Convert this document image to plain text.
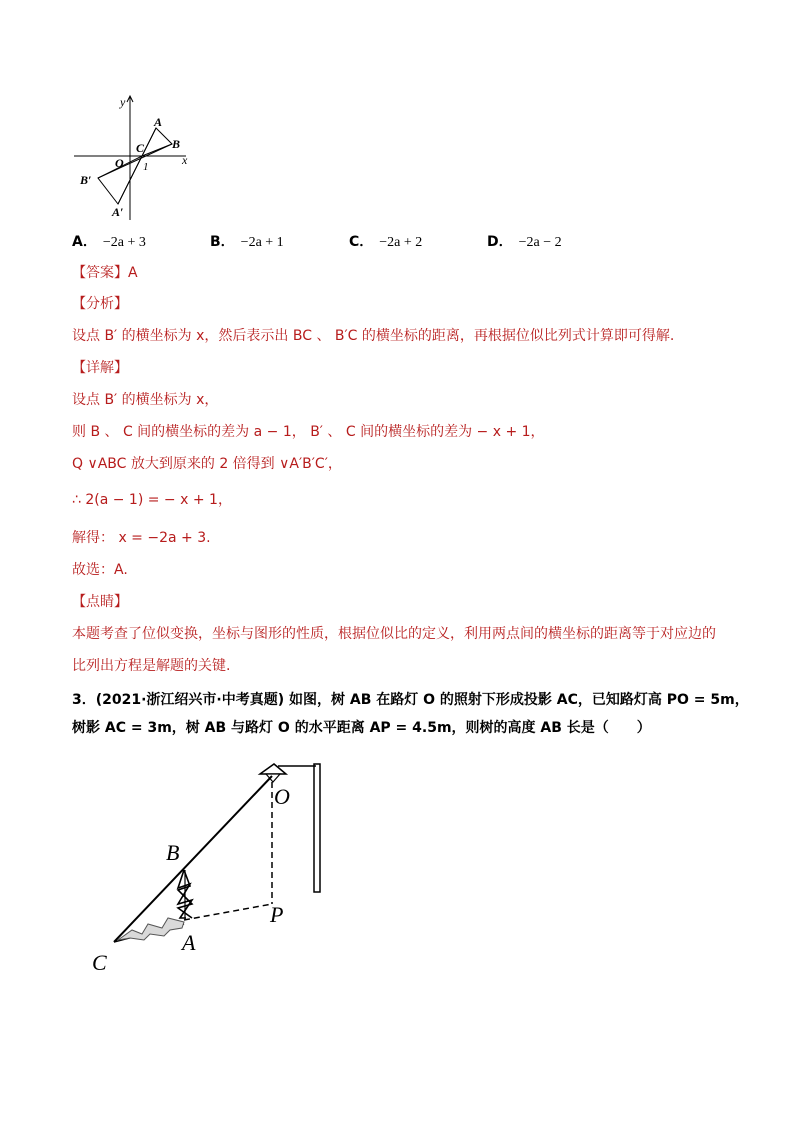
y
x
O
C
1
A
B
B′
A′
A． −2a + 3	B． −2a + 1	C． −2a + 2	D． −2a − 2
【答案】A
【分析】
设点 B′ 的横坐标为 x，然后表示出 BC 、 B′C 的横坐标的距离，再根据位似比列式计算即可得解.
【详解】
设点 B′ 的横坐标为 x，
则 B 、 C 间的横坐标的差为 a − 1， B′ 、 C 间的横坐标的差为 − x + 1，
Q ∨ABC 放大到原来的 2 倍得到 ∨A′B′C′，
∴ 2(a − 1) = − x + 1，
解得： x = −2a + 3.
故选：A.
【点睛】
本题考查了位似变换，坐标与图形的性质，根据位似比的定义，利用两点间的横坐标的距离等于对应边的
比列出方程是解题的关键.
3．(2021·浙江绍兴市·中考真题) 如图，树 AB 在路灯 O 的照射下形成投影 AC，已知路灯高 PO = 5m，
树影 AC = 3m，树 AB 与路灯 O 的水平距离 AP = 4.5m，则树的高度 AB 长是（　　）
O
B
P
C
A
